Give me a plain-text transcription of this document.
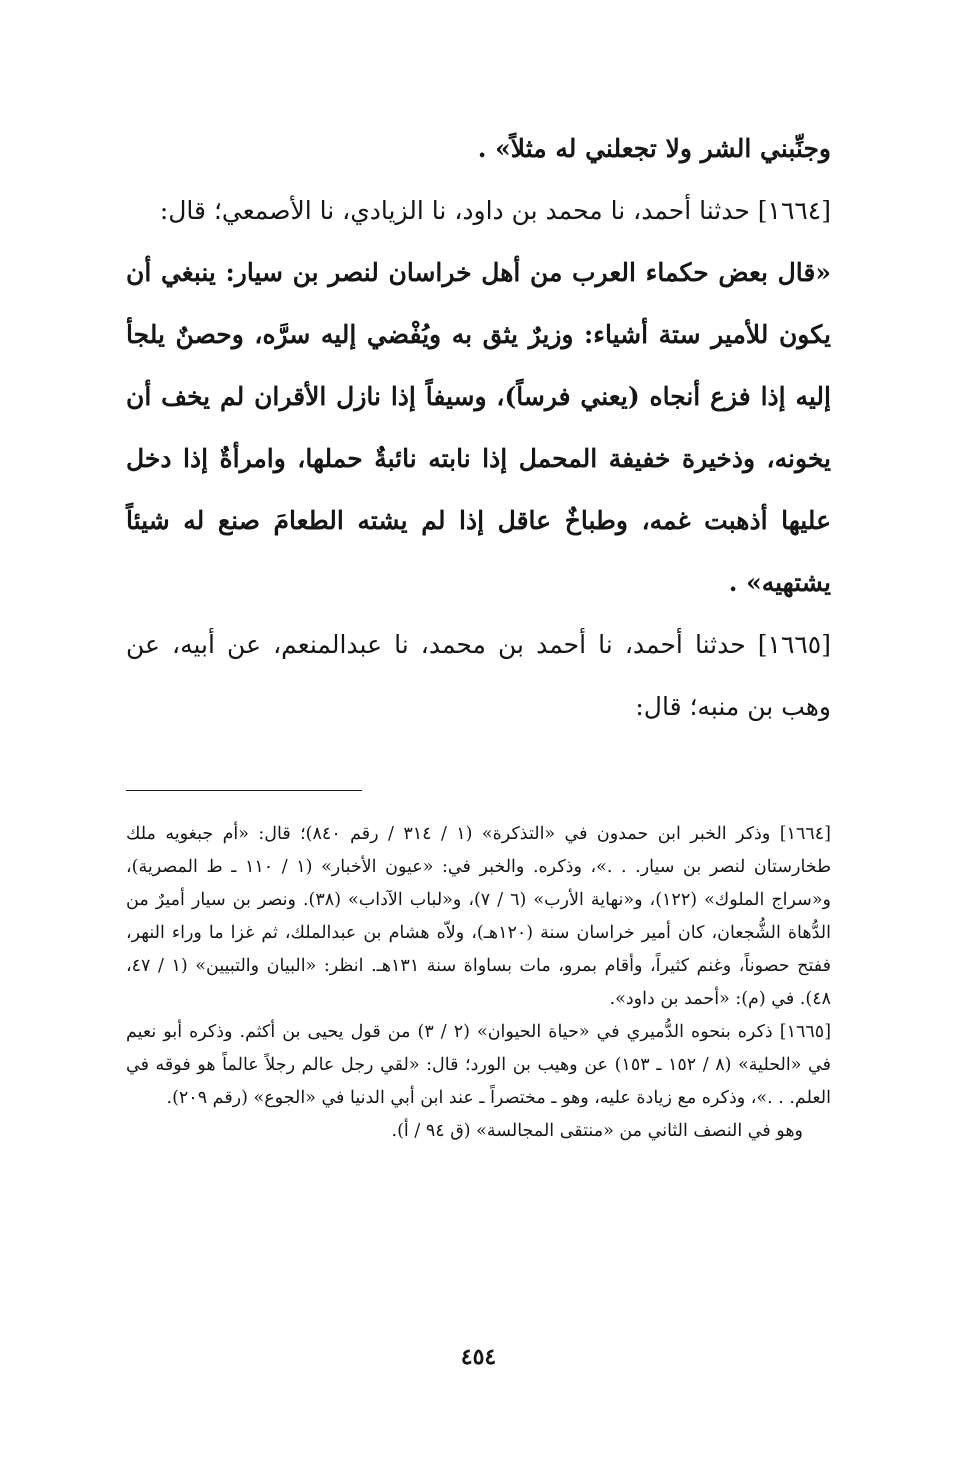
وجنِّبني الشر ولا تجعلني له مثلاً» .

[١٦٦٤] حدثنا أحمد، نا محمد بن داود، نا الزيادي، نا الأصمعي؛ قال:

«قال بعض حكماء العرب من أهل خراسان لنصر بن سيار: ينبغي أن يكون للأمير ستة أشياء: وزيرٌ يثق به ويُفْضي إليه سرَّه، وحصنٌ يلجأ إليه إذا فزع أنجاه (يعني فرساً)، وسيفاً إذا نازل الأقران لم يخف أن يخونه، وذخيرة خفيفة المحمل إذا نابته نائبةٌ حملها، وامرأةٌ إذا دخل عليها أذهبت غمه، وطباخٌ عاقل إذا لم يشته الطعامَ صنع له شيئاً يشتهيه» .

[١٦٦٥] حدثنا أحمد، نا أحمد بن محمد، نا عبدالمنعم، عن أبيه، عن وهب بن منبه؛ قال:

[١٦٦٤] وذكر الخبر ابن حمدون في «التذكرة» (١ / ٣١٤ / رقم ٨٤٠)؛ قال: «أم جبغويه ملك طخارستان لنصر بن سيار. . .»، وذكره. والخبر في: «عيون الأخبار» (١ / ١١٠ ـ ط المصرية)، و«سراج الملوك» (١٢٢)، و«نهاية الأرب» (٦ / ٧)، و«لباب الآداب» (٣٨). ونصر بن سيار أميرٌ من الدُّهاة الشُّجعان، كان أمير خراسان سنة (١٢٠هـ)، ولاّه هشام بن عبدالملك، ثم غزا ما وراء النهر، ففتح حصوناً، وغنم كثيراً، وأقام بمرو، مات بساواة سنة ١٣١هـ. انظر: «البيان والتبيين» (١ / ٤٧، ٤٨). في (م): «أحمد بن داود».

[١٦٦٥] ذكره بنحوه الدُّميري في «حياة الحيوان» (٢ / ٣) من قول يحيى بن أكثم. وذكره أبو نعيم في «الحلية» (٨ / ١٥٢ ـ ١٥٣) عن وهيب بن الورد؛ قال: «لقي رجل عالم رجلاً عالماً هو فوقه في العلم. . .»، وذكره مع زيادة عليه، وهو ـ مختصراً ـ عند ابن أبي الدنيا في «الجوع» (رقم ٢٠٩).

وهو في النصف الثاني من «منتقى المجالسة» (ق ٩٤ / أ).

٤٥٤
